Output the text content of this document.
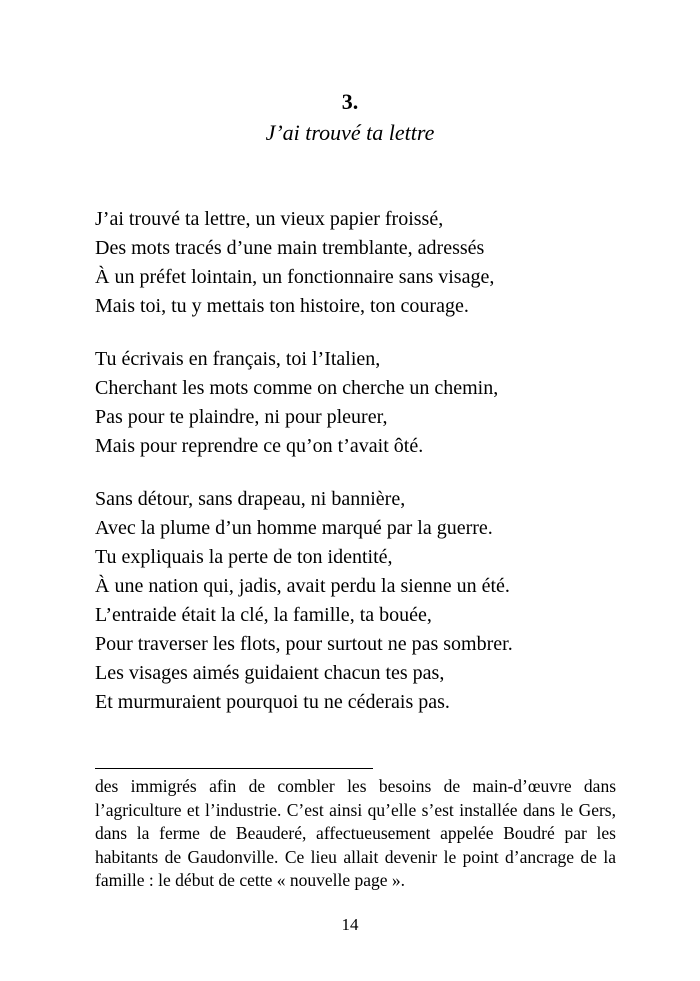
3.
J’ai trouvé ta lettre
J’ai trouvé ta lettre, un vieux papier froissé,
Des mots tracés d’une main tremblante, adressés
À un préfet lointain, un fonctionnaire sans visage,
Mais toi, tu y mettais ton histoire, ton courage.
Tu écrivais en français, toi l’Italien,
Cherchant les mots comme on cherche un chemin,
Pas pour te plaindre, ni pour pleurer,
Mais pour reprendre ce qu’on t’avait ôté.
Sans détour, sans drapeau, ni bannière,
Avec la plume d’un homme marqué par la guerre.
Tu expliquais la perte de ton identité,
À une nation qui, jadis, avait perdu la sienne un été.
L’entraide était la clé, la famille, ta bouée,
Pour traverser les flots, pour surtout ne pas sombrer.
Les visages aimés guidaient chacun tes pas,
Et murmuraient pourquoi tu ne céderais pas.
des immigrés afin de combler les besoins de main-d’œuvre dans l’agriculture et l’industrie. C’est ainsi qu’elle s’est installée dans le Gers, dans la ferme de Beauderé, affectueusement appelée Boudré par les habitants de Gaudonville. Ce lieu allait devenir le point d’ancrage de la famille : le début de cette « nouvelle page ».
14
